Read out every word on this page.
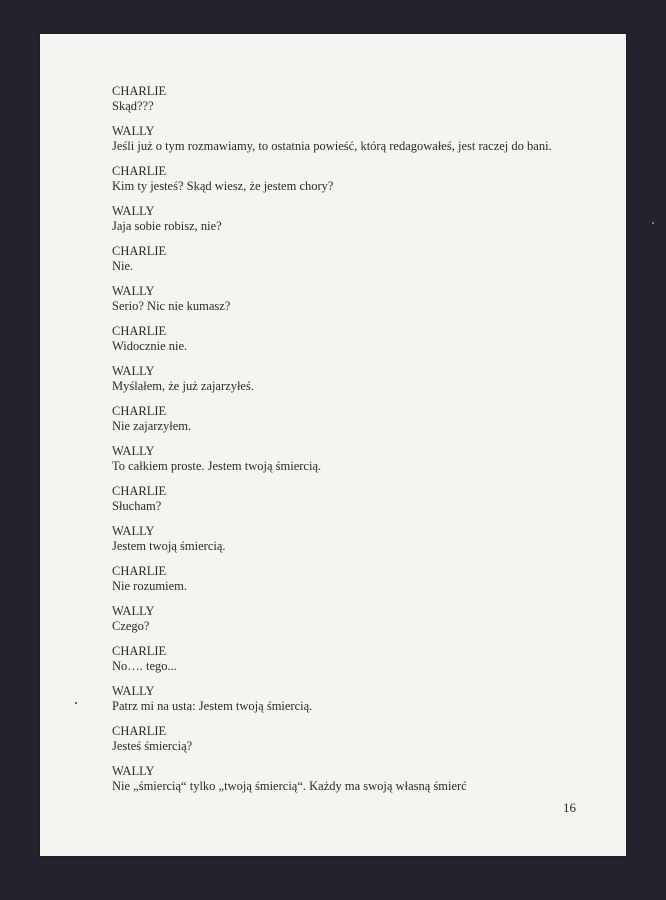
CHARLIE
Skąd???
WALLY
Jeśli już o tym rozmawiamy, to ostatnia powieść, którą redagowałeś, jest raczej do bani.
CHARLIE
Kim ty jesteś? Skąd wiesz, że jestem chory?
WALLY
Jaja sobie robisz, nie?
CHARLIE
Nie.
WALLY
Serio? Nic nie kumasz?
CHARLIE
Widocznie nie.
WALLY
Myślałem, że już zajarzyłeś.
CHARLIE
Nie zajarzyłem.
WALLY
To całkiem proste. Jestem twoją śmiercią.
CHARLIE
Słucham?
WALLY
Jestem twoją śmiercią.
CHARLIE
Nie rozumiem.
WALLY
Czego?
CHARLIE
No…. tego...
WALLY
Patrz mi na usta: Jestem twoją śmiercią.
CHARLIE
Jesteś śmiercią?
WALLY
Nie „śmiercią“ tylko „twoją śmiercią“. Każdy ma swoją własną śmierć
16
